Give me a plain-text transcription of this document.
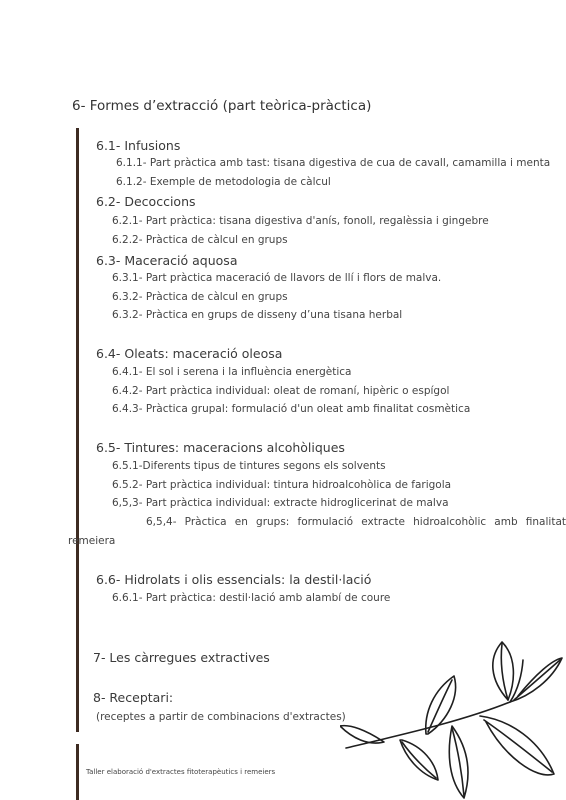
6- Formes d’extracció (part teòrica-pràctica)
6.1- Infusions
6.1.1- Part pràctica amb tast: tisana digestiva de cua de cavall, camamilla i menta
6.1.2- Exemple de metodologia de càlcul
6.2- Decoccions
6.2.1- Part pràctica: tisana digestiva d'anís, fonoll, regalèssia i gingebre
6.2.2- Pràctica de càlcul en grups
6.3- Maceració aquosa
6.3.1- Part pràctica maceració de llavors de llí i flors de malva.
6.3.2- Pràctica de càlcul en grups
6.3.2- Pràctica en grups de disseny d’una tisana herbal
6.4- Oleats: maceració oleosa
6.4.1- El sol i serena i la influència energètica
6.4.2- Part pràctica individual: oleat de romaní, hipèric o espígol
6.4.3- Pràctica grupal: formulació d'un oleat amb finalitat cosmètica
6.5- Tintures: maceracions alcohòliques
6.5.1-Diferents tipus de tintures segons els solvents
6.5.2- Part pràctica individual: tintura hidroalcohòlica de farigola
6,5,3- Part pràctica individual: extracte hidroglicerinat de malva
6,5,4- Pràctica en grups: formulació extracte hidroalcohòlic amb finalitat
remeiera
6.6- Hidrolats i olis essencials: la destil·lació
6.6.1- Part pràctica: destil·lació amb alambí de coure
7- Les càrregues extractives
8- Receptari:
(receptes a partir de combinacions d'extractes)
Taller elaboració d'extractes fitoterapèutics i remeiers
